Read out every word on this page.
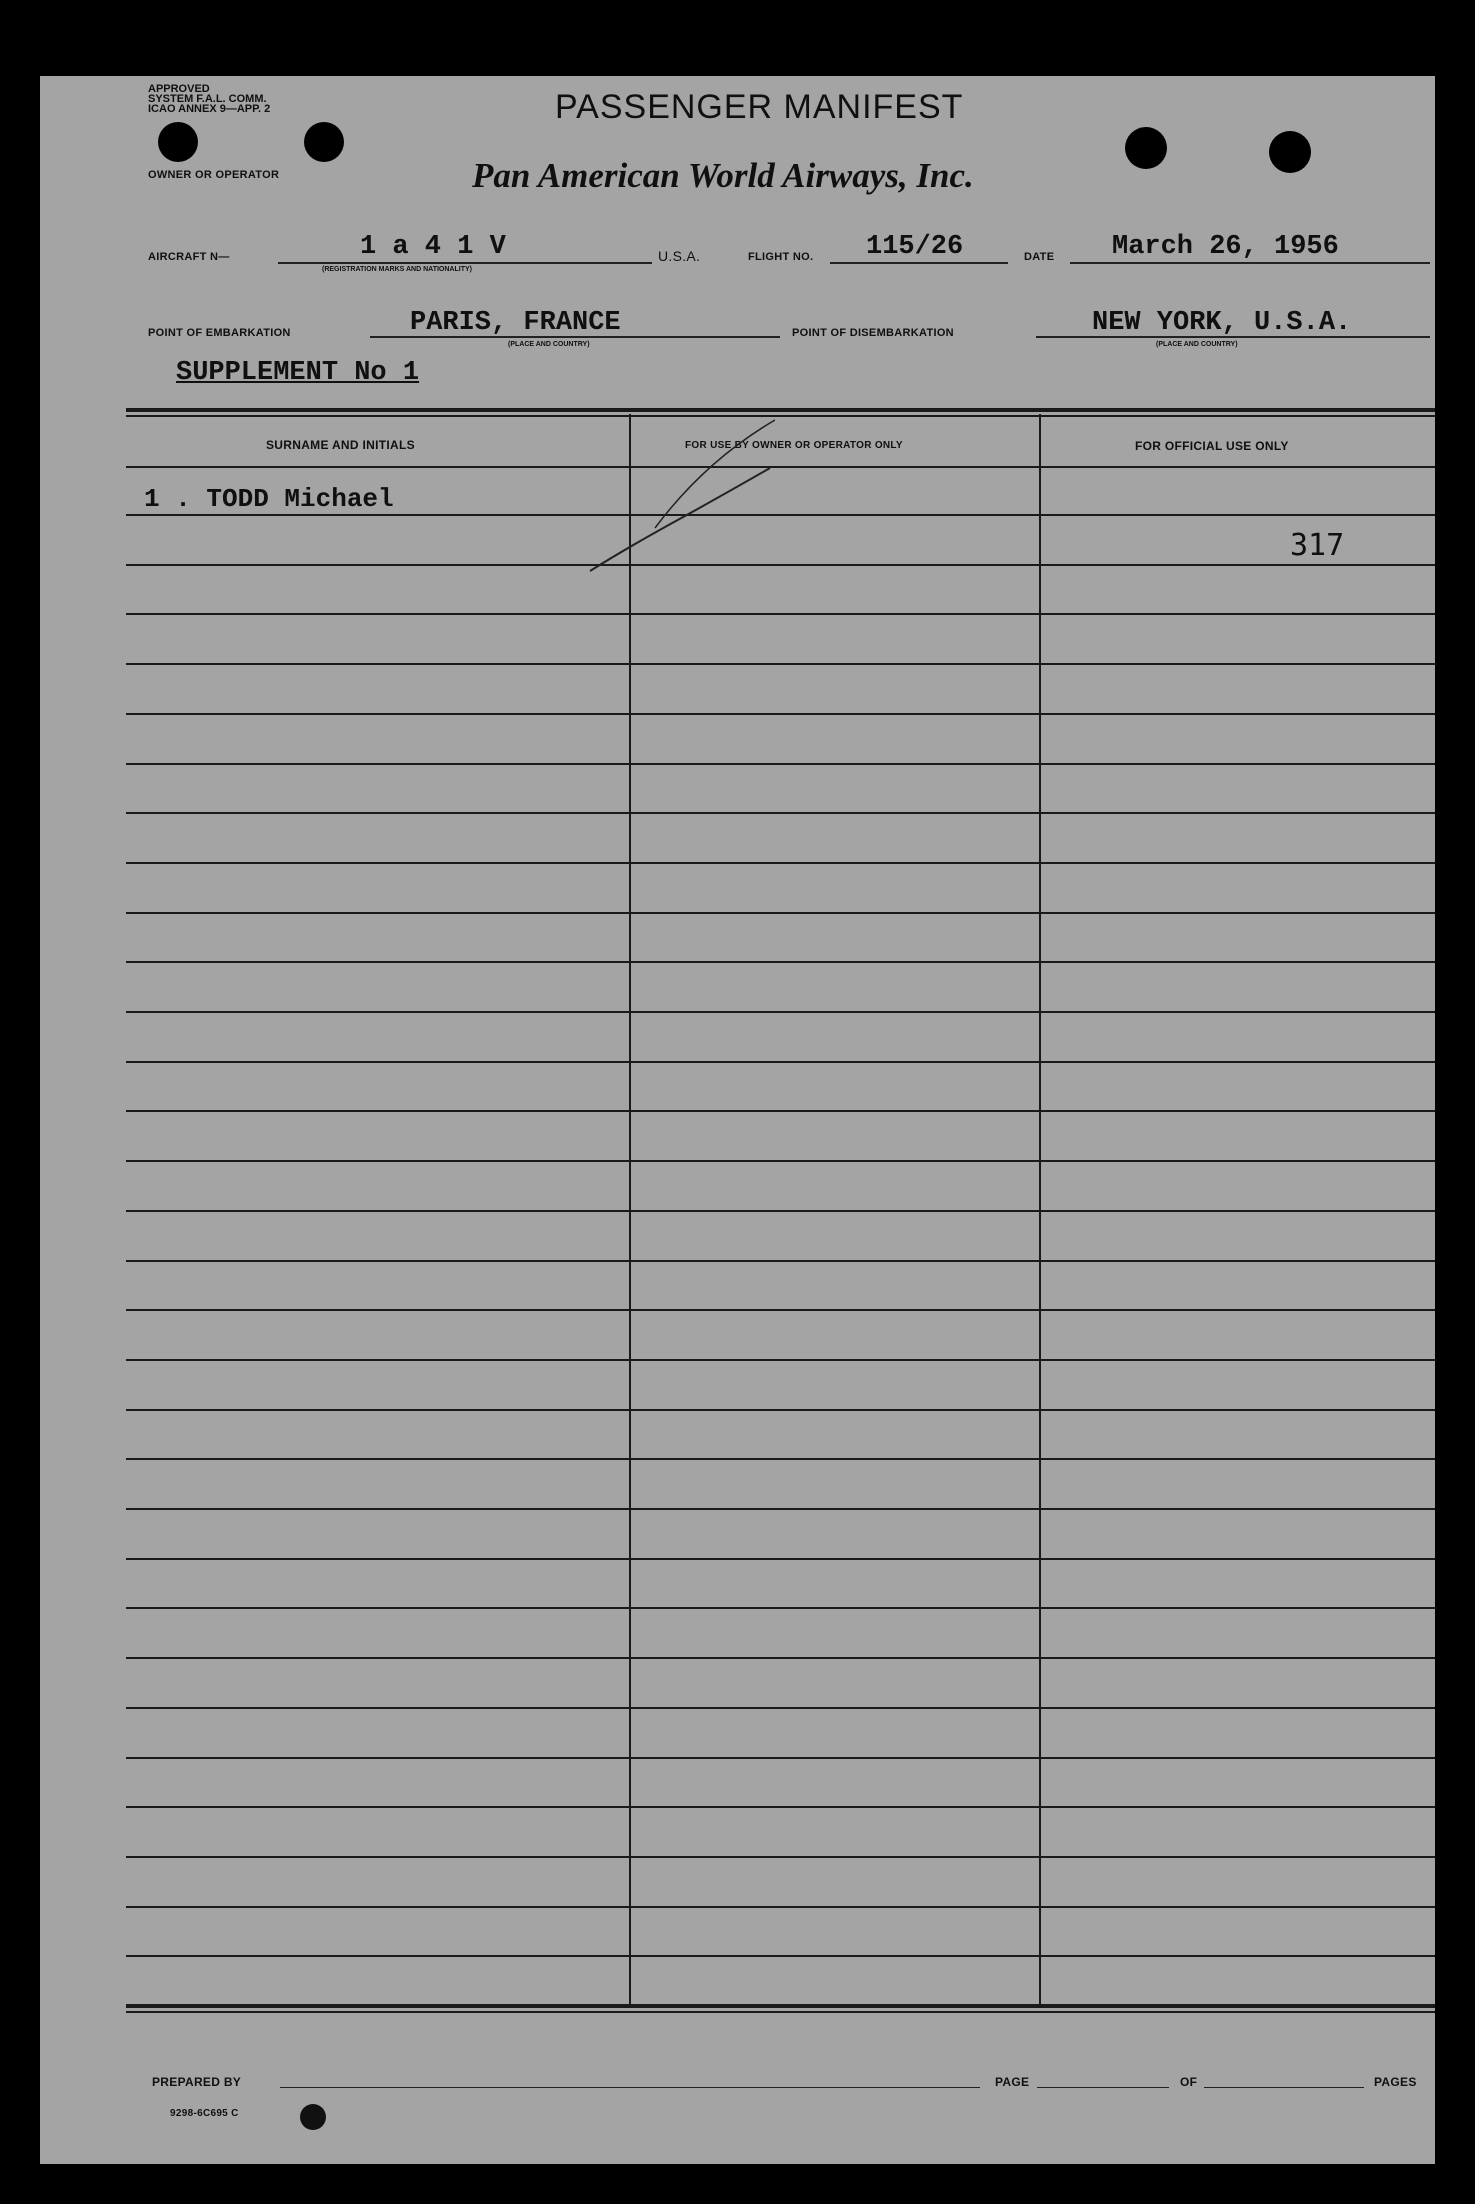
APPROVED
SYSTEM F.A.L. COMM.
ICAO ANNEX 9—APP. 2	PASSENGER MANIFEST
OWNER OR OPERATOR	Pan American World Airways, Inc.
AIRCRAFT N—	1 a 4 1 V
(REGISTRATION MARKS AND NATIONALITY)
U.S.A.	FLIGHT NO. 115/26	DATE March 26, 1956
POINT OF EMBARKATION	PARIS, FRANCE
(PLACE AND COUNTRY)
POINT OF DISEMBARKATION	NEW YORK, U.S.A.
(PLACE AND COUNTRY)
SUPPLEMENT No 1
SURNAME AND INITIALS	FOR USE BY OWNER OR OPERATOR ONLY	FOR OFFICIAL USE ONLY
1 . TODD Michael
317
PREPARED BY	PAGE	OF	PAGES
9298-6C695 C
